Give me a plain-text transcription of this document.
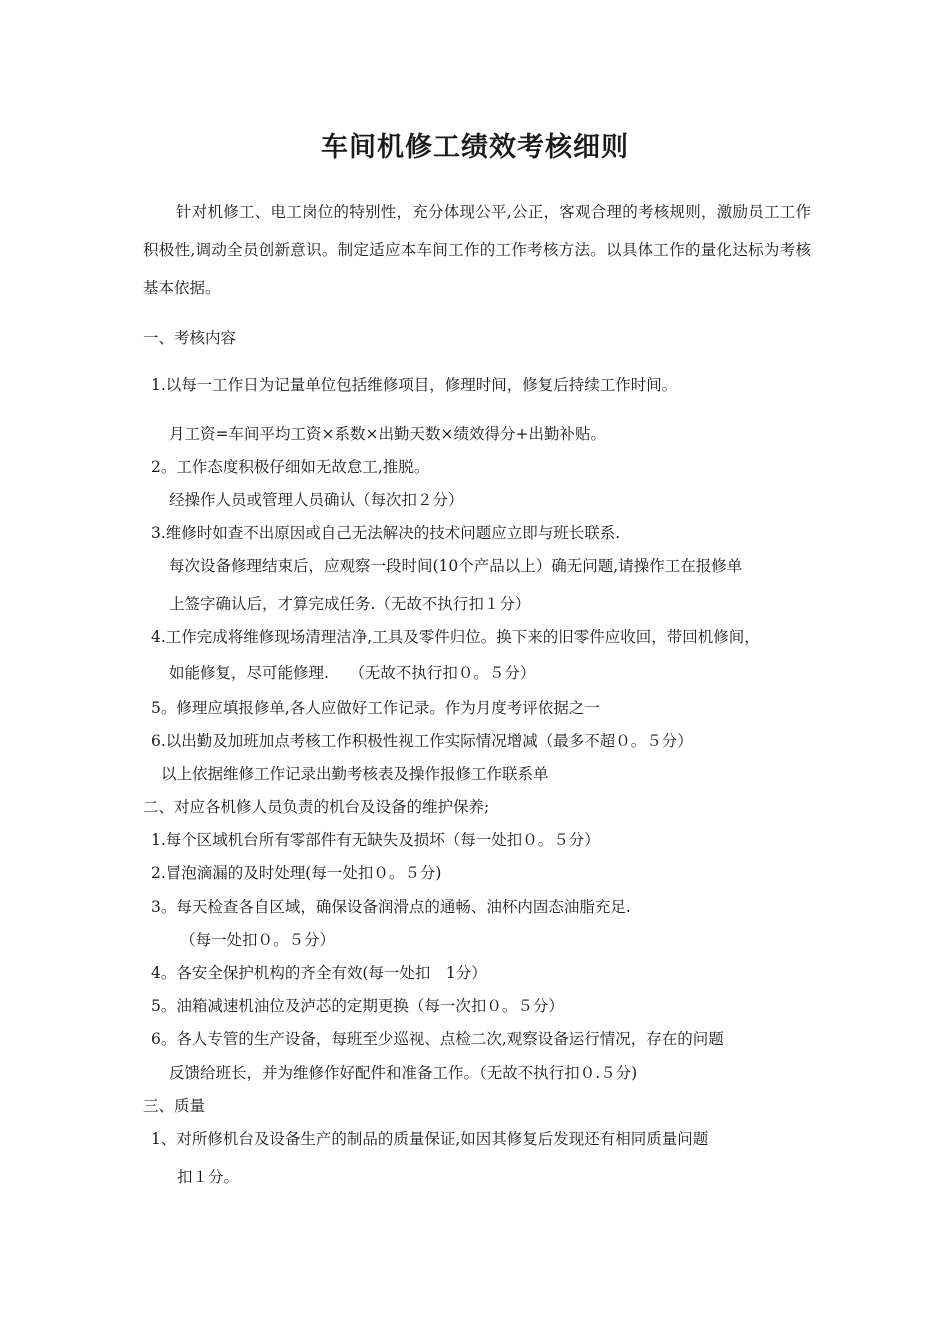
车间机修工绩效考核细则
针对机修工、电工岗位的特别性，充分体现公平,公正，客观合理的考核规则，激励员工工作积极性,调动全员创新意识。制定适应本车间工作的工作考核方法。以具体工作的量化达标为考核基本依据。
一、考核内容
1.以每一工作日为记量单位包括维修项目，修理时间，修复后持续工作时间。
月工资=车间平均工资×系数×出勤天数×绩效得分+出勤补贴。
2。工作态度积极仔细如无故怠工,推脱。
经操作人员或管理人员确认（每次扣２分）
3.维修时如查不出原因或自己无法解决的技术问题应立即与班长联系.
每次设备修理结束后，应观察一段时间(10个产品以上）确无问题,请操作工在报修单
上签字确认后，才算完成任务.（无故不执行扣１分）
4.工作完成将维修现场清理洁净,工具及零件归位。换下来的旧零件应收回，带回机修间，
如能修复，尽可能修理.　 （无故不执行扣０。５分）
5。修理应填报修单,各人应做好工作记录。作为月度考评依据之一
6.以出勤及加班加点考核工作积极性视工作实际情况增减（最多不超０。５分）
以上依据维修工作记录出勤考核表及操作报修工作联系单
二、对应各机修人员负责的机台及设备的维护保养;
1.每个区域机台所有零部件有无缺失及损坏（每一处扣０。５分）
2.冒泡滴漏的及时处理(每一处扣０。５分)
3。每天检查各自区域，确保设备润滑点的通畅、油杯内固态油脂充足.
（每一处扣０。５分）
4。各安全保护机构的齐全有效(每一处扣　1分）
5。油箱减速机油位及泸芯的定期更换（每一次扣０。５分）
6。各人专管的生产设备，每班至少巡视、点检二次,观察设备运行情况，存在的问题
反馈给班长，并为维修作好配件和准备工作。（无故不执行扣０.５分)
三、质量
1、对所修机台及设备生产的制品的质量保证,如因其修复后发现还有相同质量问题
扣１分。
